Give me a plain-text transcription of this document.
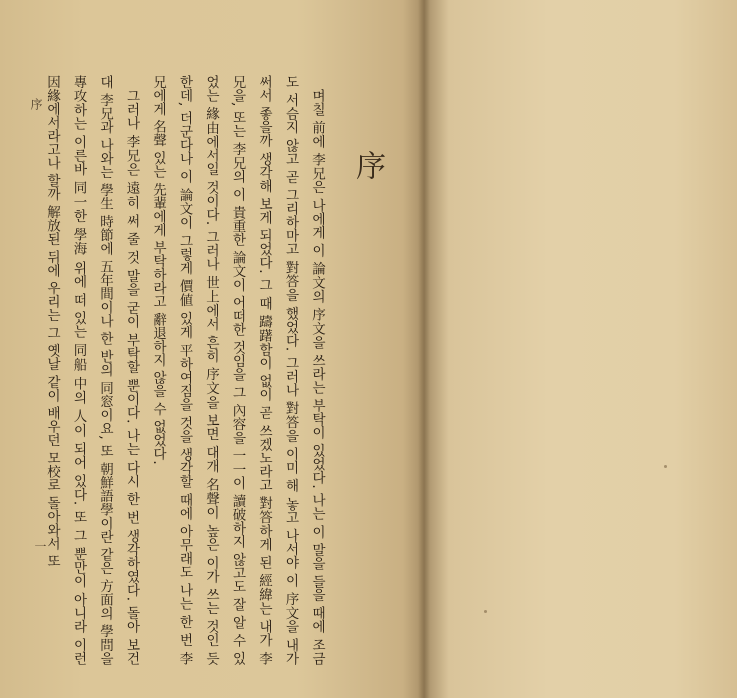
며칠 前에 李兄은 나에게 이 論文의 序文을 쓰라는 부탁이 있었다. 나는 이 말을 들을 때에 조금도 서슴지 않고 곧 그리하마고 對答을 했었다. 그러나 對答을 이미 해 놓고 나서야 이 序文을 내가 써서 좋을까 생각해 보게 되었다. 그 때 躊躇함이 없이 곧 쓰겠노라고 對答하게 된 經緯는 내가 李兄을, 또는 李兄의 이 貴重한 論文이 어떠한 것임을 그 內容을 一一이 讀破하지 않고도 잘 알 수 있었는 緣由에서일 것이다. 그러나 世上에서 흔히 序文을 보면 대개 名聲이 높은 이가 쓰는 것인 듯한데, 더군다나 이 論文이 그렇게 價値 있게 平하여짐을 것을 생각할 때에 아무래도 나는 한 번 李兄에게 名聲 있는 先輩에게 부탁하라고 辭退하지 않을 수 없었다.

그러나 李兄은 遠히 써 줄 것 말을 굳이 부탁할 뿐이다. 나는 다시 한 번 생각하였다. 돌아 보건대 李兄과 나와는 學生 時節에 五年間이나 한 반의 同窓이요, 또 朝鮮語學이란 같은 方面의 學問을 專攻하는 이른바 同一한 學海 위에 떠 있는 同船 中의 人이 되어 있다. 또 그 뿐만이 아니라 이런 因緣에서라고나 할까 解放된 뒤에 우리는 그 옛날 같이 배우던 모校로 돌아와서 또	序
序
一
